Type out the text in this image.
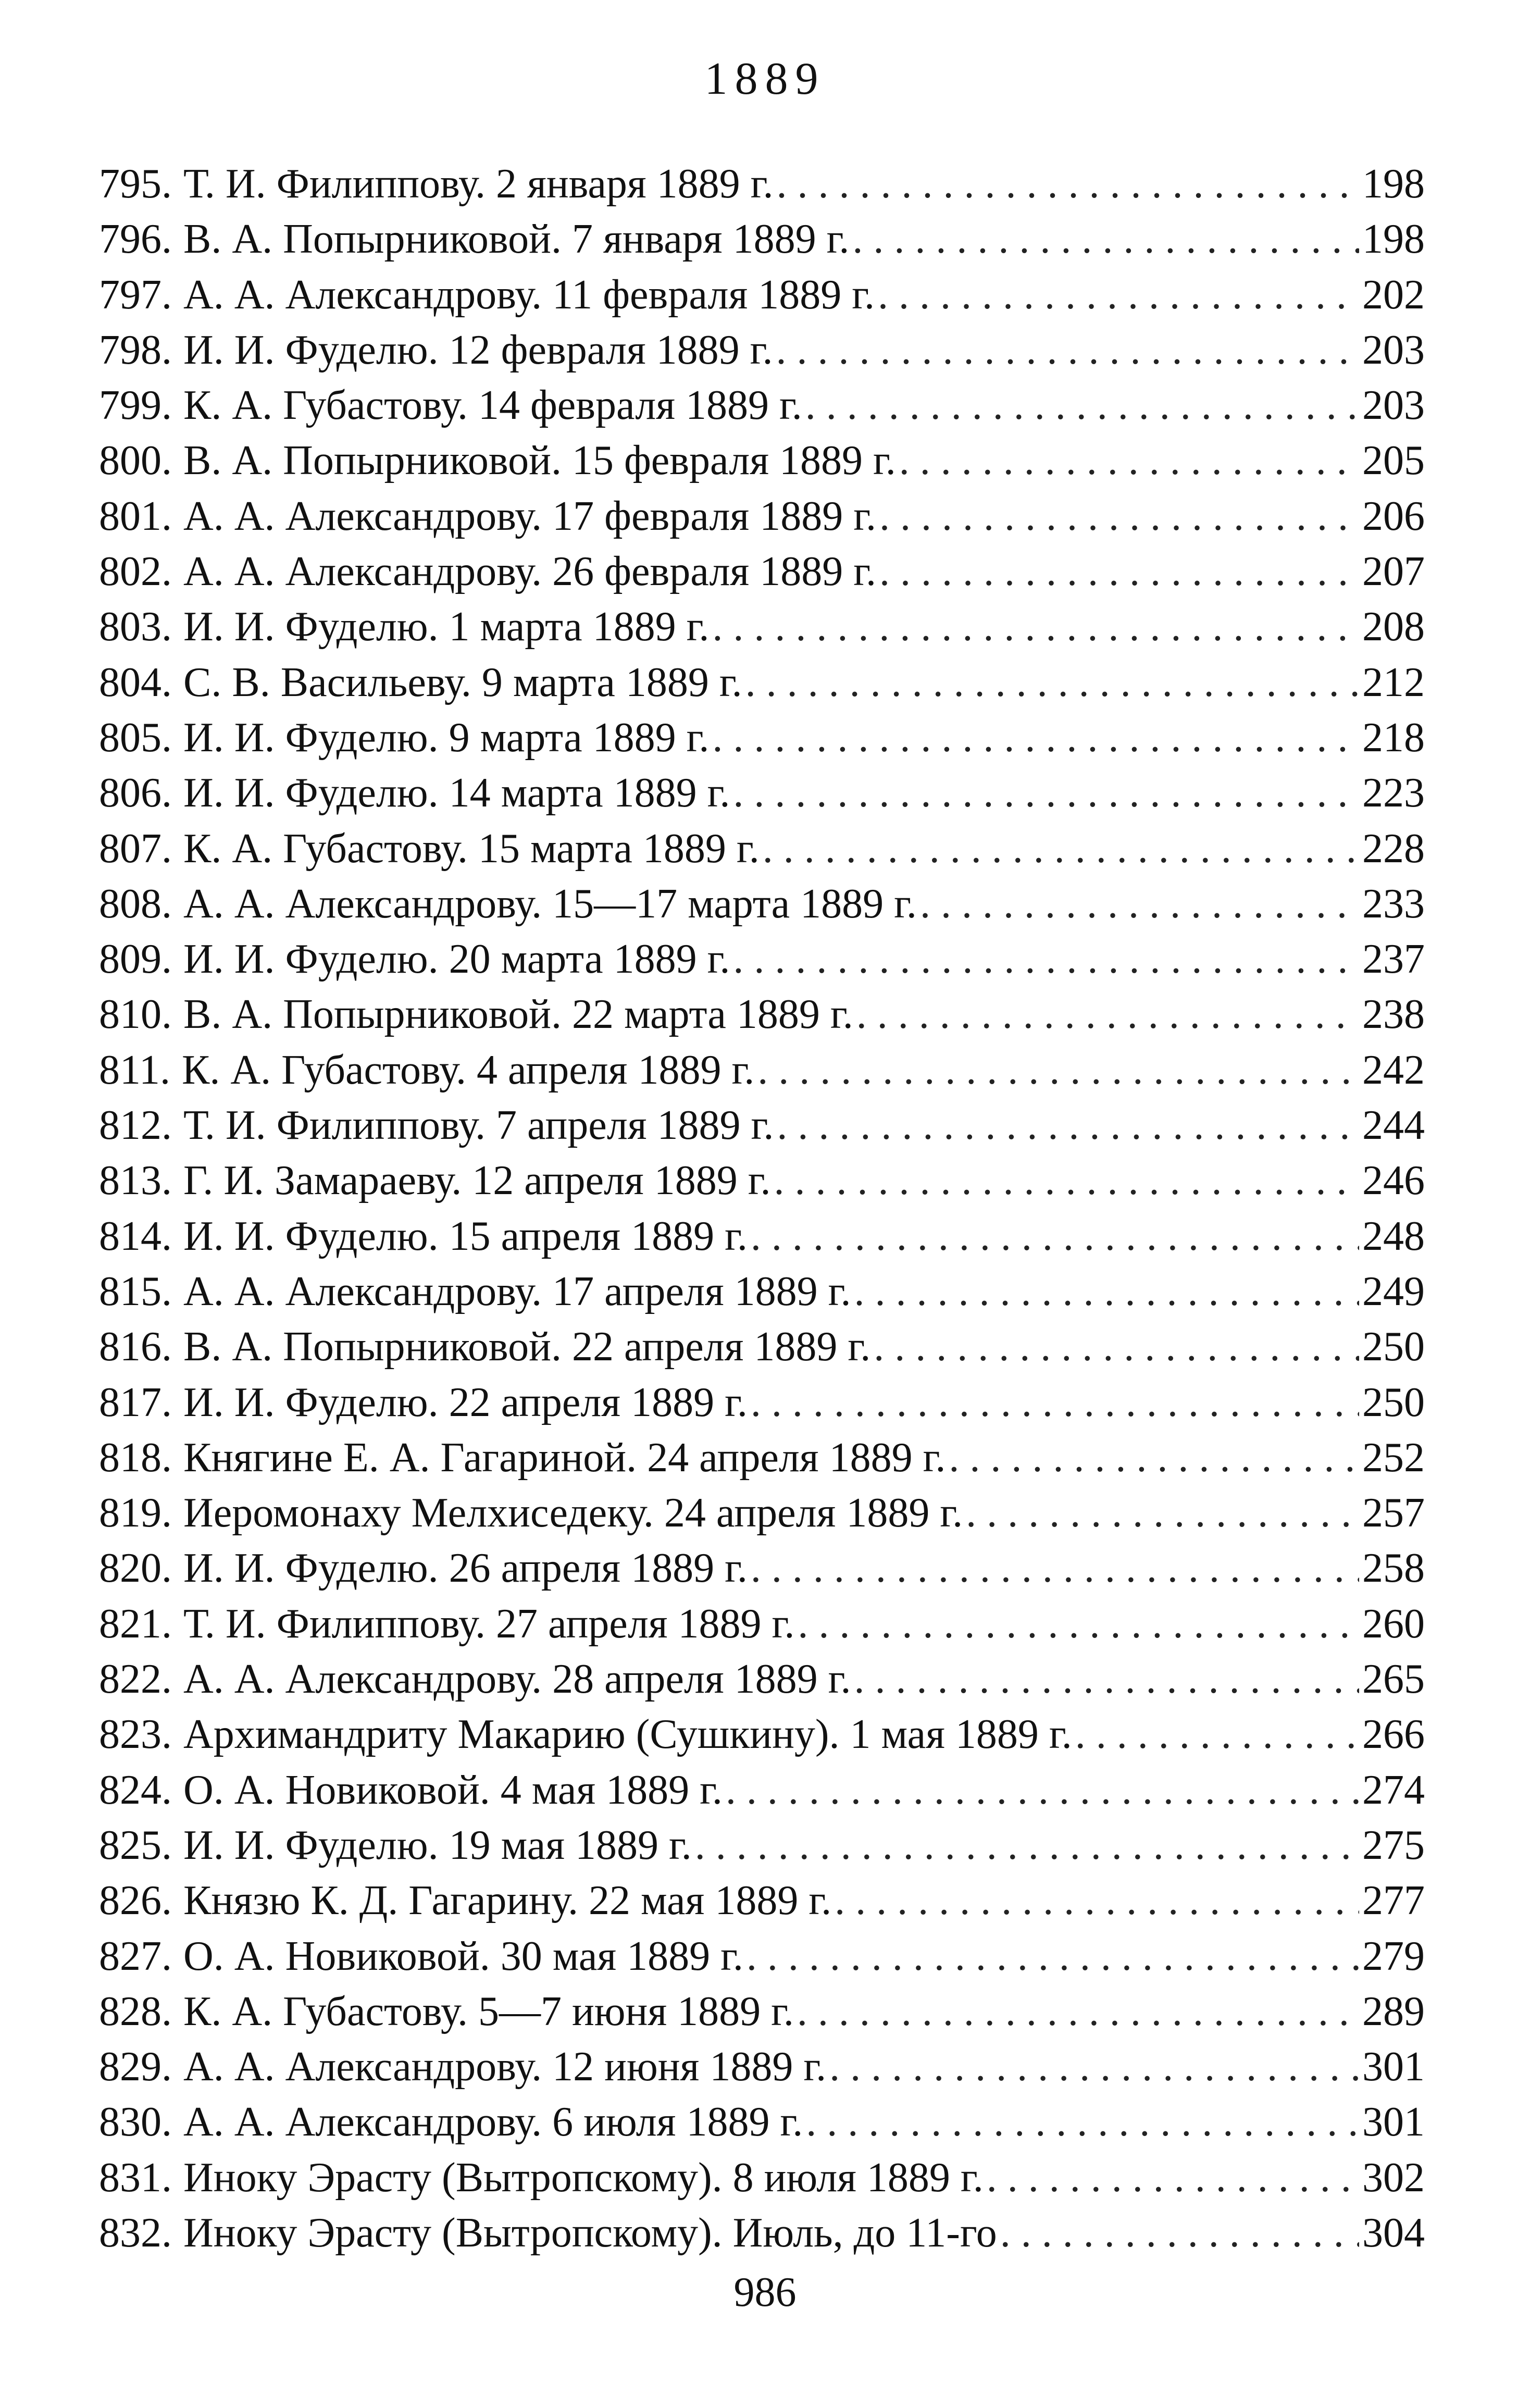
1889
795. Т. И. Филиппову. 2 января 1889 г. . . .	198
796. В. А. Попырниковой. 7 января 1889 г. . . .	198
797. А. А. Александрову. 11 февраля 1889 г. . . .	202
798. И. И. Фуделю. 12 февраля 1889 г. . . .	203
799. К. А. Губастову. 14 февраля 1889 г. . . .	203
800. В. А. Попырниковой. 15 февраля 1889 г. . . .	205
801. А. А. Александрову. 17 февраля 1889 г. . . .	206
802. А. А. Александрову. 26 февраля 1889 г. . . .	207
803. И. И. Фуделю. 1 марта 1889 г. . . .	208
804. С. В. Васильеву. 9 марта 1889 г. . . .	212
805. И. И. Фуделю. 9 марта 1889 г. . . .	218
806. И. И. Фуделю. 14 марта 1889 г. . . .	223
807. К. А. Губастову. 15 марта 1889 г. . . .	228
808. А. А. Александрову. 15—17 марта 1889 г. . . .	233
809. И. И. Фуделю. 20 марта 1889 г. . . .	237
810. В. А. Попырниковой. 22 марта 1889 г. . . .	238
811. К. А. Губастову. 4 апреля 1889 г. . . .	242
812. Т. И. Филиппову. 7 апреля 1889 г. . . .	244
813. Г. И. Замараеву. 12 апреля 1889 г. . . .	246
814. И. И. Фуделю. 15 апреля 1889 г. . . .	248
815. А. А. Александрову. 17 апреля 1889 г. . . .	249
816. В. А. Попырниковой. 22 апреля 1889 г. . . .	250
817. И. И. Фуделю. 22 апреля 1889 г. . . .	250
818. Княгине Е. А. Гагариной. 24 апреля 1889 г. . . .	252
819. Иеромонаху Мелхиседеку. 24 апреля 1889 г. . . .	257
820. И. И. Фуделю. 26 апреля 1889 г. . . .	258
821. Т. И. Филиппову. 27 апреля 1889 г. . . .	260
822. А. А. Александрову. 28 апреля 1889 г. . . .	265
823. Архимандриту Макарию (Сушкину). 1 мая 1889 г. . . .	266
824. О. А. Новиковой. 4 мая 1889 г. . . .	274
825. И. И. Фуделю. 19 мая 1889 г. . . .	275
826. Князю К. Д. Гагарину. 22 мая 1889 г. . . .	277
827. О. А. Новиковой. 30 мая 1889 г. . . .	279
828. К. А. Губастову. 5—7 июня 1889 г. . . .	289
829. А. А. Александрову. 12 июня 1889 г. . . .	301
830. А. А. Александрову. 6 июля 1889 г. . . .	301
831. Иноку Эрасту (Вытропскому). 8 июля 1889 г. . . .	302
832. Иноку Эрасту (Вытропскому). Июль, до 11-го . . .	304
986
